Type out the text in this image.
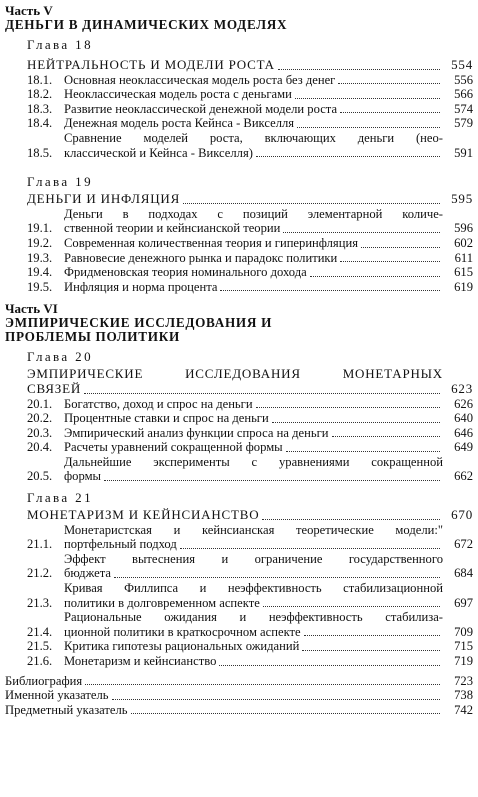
Часть V
ДЕНЬГИ В ДИНАМИЧЕСКИХ МОДЕЛЯХ
Глава 18
НЕЙТРАЛЬНОСТЬ И МОДЕЛИ РОСТА	554
18.1. Основная неоклассическая модель роста без денег	556
18.2. Неоклассическая модель роста с деньгами	566
18.3. Развитие неоклассической денежной модели роста	574
18.4. Денежная модель роста Кейнса - Викселля	579
18.5.
Сравнение моделей роста, включающих деньги (нео-
классической и Кейнса - Викселля)	591
Глава 19
ДЕНЬГИ И ИНФЛЯЦИЯ	595
19.1.
Деньги в подходах с позиций элементарной количе-
ственной теории и кейнсианской теории	596
19.2. Современная количественная теория и гиперинфляция	602
19.3. Равновесие денежного рынка и парадокс политики	611
19.4. Фридменовская теория номинального дохода	615
19.5. Инфляция и норма процента	619
Часть VI
ЭМПИРИЧЕСКИЕ ИССЛЕДОВАНИЯ И
ПРОБЛЕМЫ ПОЛИТИКИ
Глава 20
ЭМПИРИЧЕСКИЕ ИССЛЕДОВАНИЯ МОНЕТАРНЫХ
СВЯЗЕЙ	623
20.1. Богатство, доход и спрос на деньги	626
20.2. Процентные ставки и спрос на деньги	640
20.3. Эмпирический анализ функции спроса на деньги	646
20.4. Расчеты уравнений сокращенной формы	649
20.5.
Дальнейшие эксперименты с уравнениями сокращенной
формы	662
Глава 21
МОНЕТАРИЗМ И КЕЙНСИАНСТВО	670
21.1.
Монетаристская и кейнсианская теоретические модели:"
портфельный подход	672
21.2.
Эффект вытеснения и ограничение государственного
бюджета	684
21.3.
Кривая Филлипса и неэффективность стабилизационной
политики в долговременном аспекте	697
21.4.
Рациональные ожидания и неэффективность стабилиза-
ционной политики в краткосрочном аспекте	709
21.5. Критика гипотезы рациональных ожиданий	715
21.6. Монетаризм и кейнсианство	719
Библиография	723
Именной указатель	738
Предметный указатель	742
